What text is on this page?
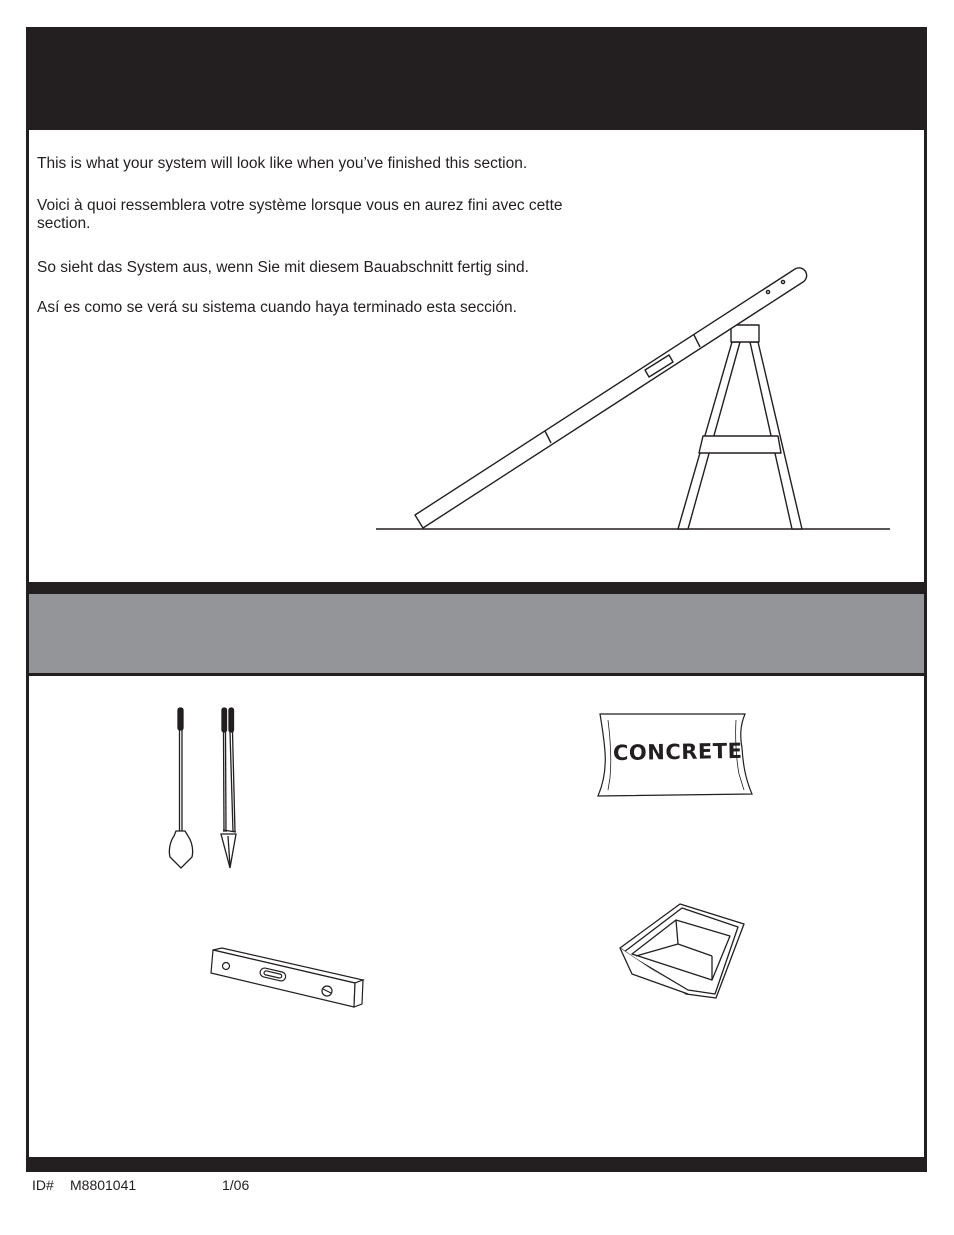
This is what your system will look like when you’ve finished this section.

Voici à quoi ressemblera votre système lorsque vous en aurez fini avec cette section.

So sieht das System aus, wenn Sie mit diesem Bauabschnitt fertig sind.

Así es como se verá su sistema cuando haya terminado esta sección.

CONCRETE
ID#	M8801041	1/06
